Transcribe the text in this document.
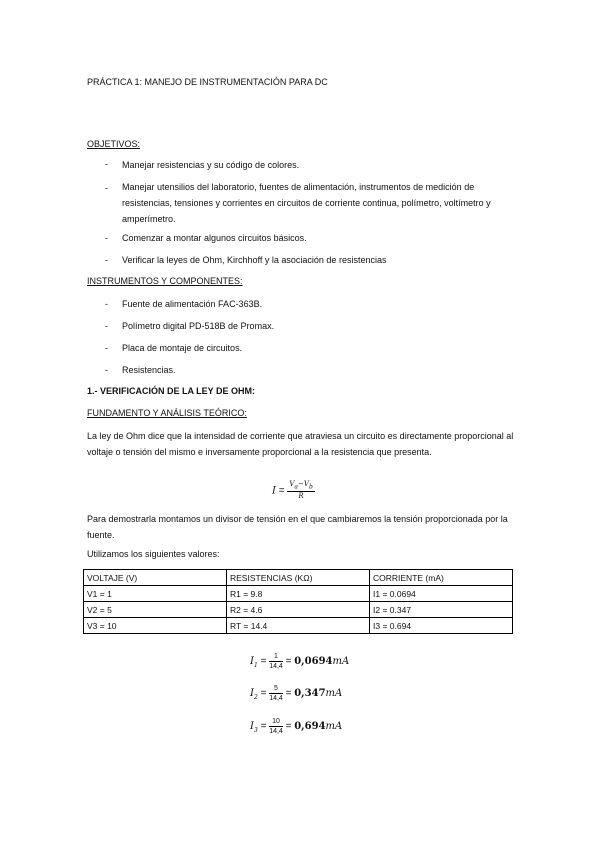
PRÁCTICA 1: MANEJO DE INSTRUMENTACIÓN PARA DC
OBJETIVOS:
- Manejar resistencias y su código de colores.
- Manejar utensilios del laboratorio, fuentes de alimentación, instrumentos de medición de resistencias, tensiones y corrientes en circuitos de corriente continua, polímetro, voltímetro y amperímetro.
- Comenzar a montar algunos circuitos básicos.
- Verificar la leyes de Ohm, Kirchhoff y la asociación de resistencias
INSTRUMENTOS Y COMPONENTES:
- Fuente de alimentación FAC-363B.
- Polímetro digital PD-518B de Promax.
- Placa de montaje de circuitos.
- Resistencias.
1.- VERIFICACIÓN DE LA LEY DE OHM:
FUNDAMENTO Y ANÁLISIS TEÓRICO:
La ley de Ohm dice que la intensidad de corriente que atraviesa un circuito es directamente proporcional al voltaje o tensión del mismo e inversamente proporcional a la resistencia que presenta.
$I = \frac{V_a-V_b}{R}$
Para demostrarla montamos un divisor de tensión en el que cambiaremos la tensión proporcionada por la fuente.
Utilizamos los siguientes valores:
VOLTAJE (V)	RESISTENCIAS (KΩ)	CORRIENTE (mA)
V1 = 1	R1 = 9.8	I1 = 0.0694
V2 = 5	R2 = 4.6	I2 = 0.347
V3 = 10	RT = 14.4	I3 = 0.694
$I_1 = \frac{1}{14,4} = 0,0694mA$
$I_2 = \frac{5}{14,4} = 0,347mA$
$I_3 = \frac{10}{14,4} = 0,694mA$
